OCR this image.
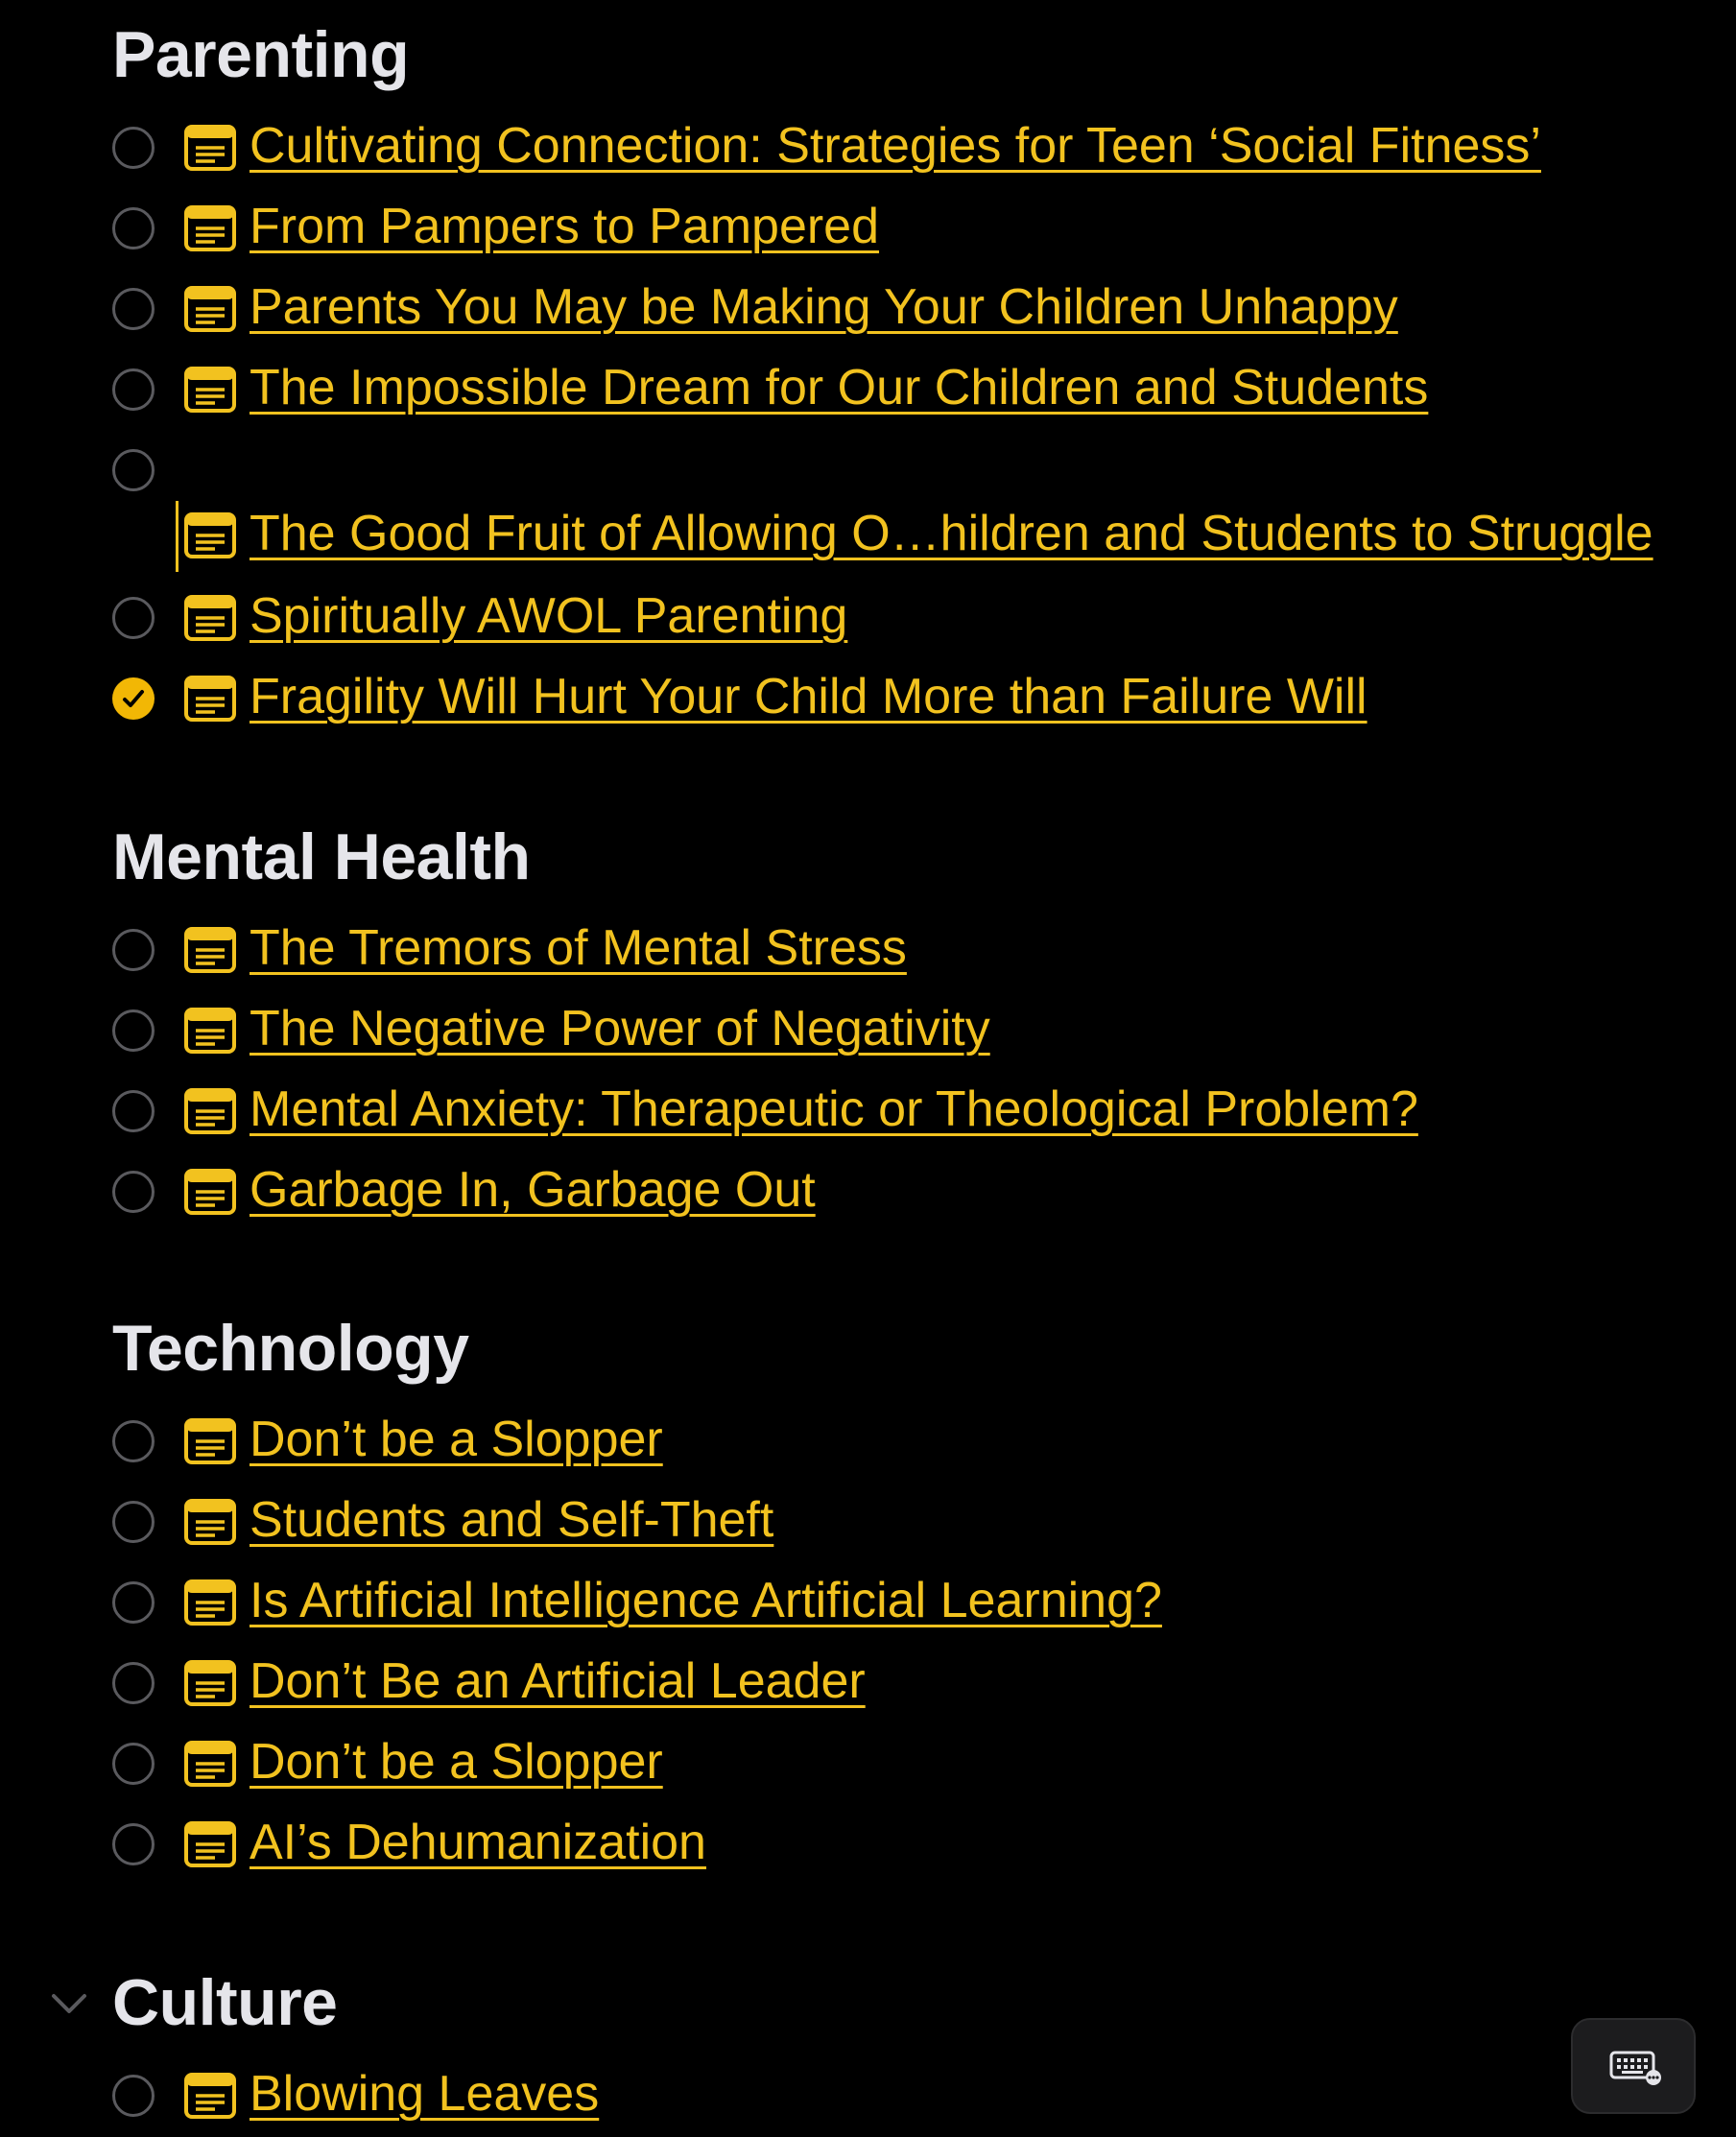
Parenting
Cultivating Connection: Strategies for Teen ‘Social Fitness’
From Pampers to Pampered
Parents You May be Making Your Children Unhappy
The Impossible Dream for Our Children and Students
The Good Fruit of Allowing O…hildren and Students to Struggle
Spiritually AWOL Parenting
Fragility Will Hurt Your Child More than Failure Will
Mental Health
The Tremors of Mental Stress
The Negative Power of Negativity
Mental Anxiety: Therapeutic or Theological Problem?
Garbage In, Garbage Out
Technology
Don’t be a Slopper
Students and Self-Theft
Is Artificial Intelligence Artificial Learning?
Don’t Be an Artificial Leader
Don’t be a Slopper
AI’s Dehumanization
Culture
Blowing Leaves
